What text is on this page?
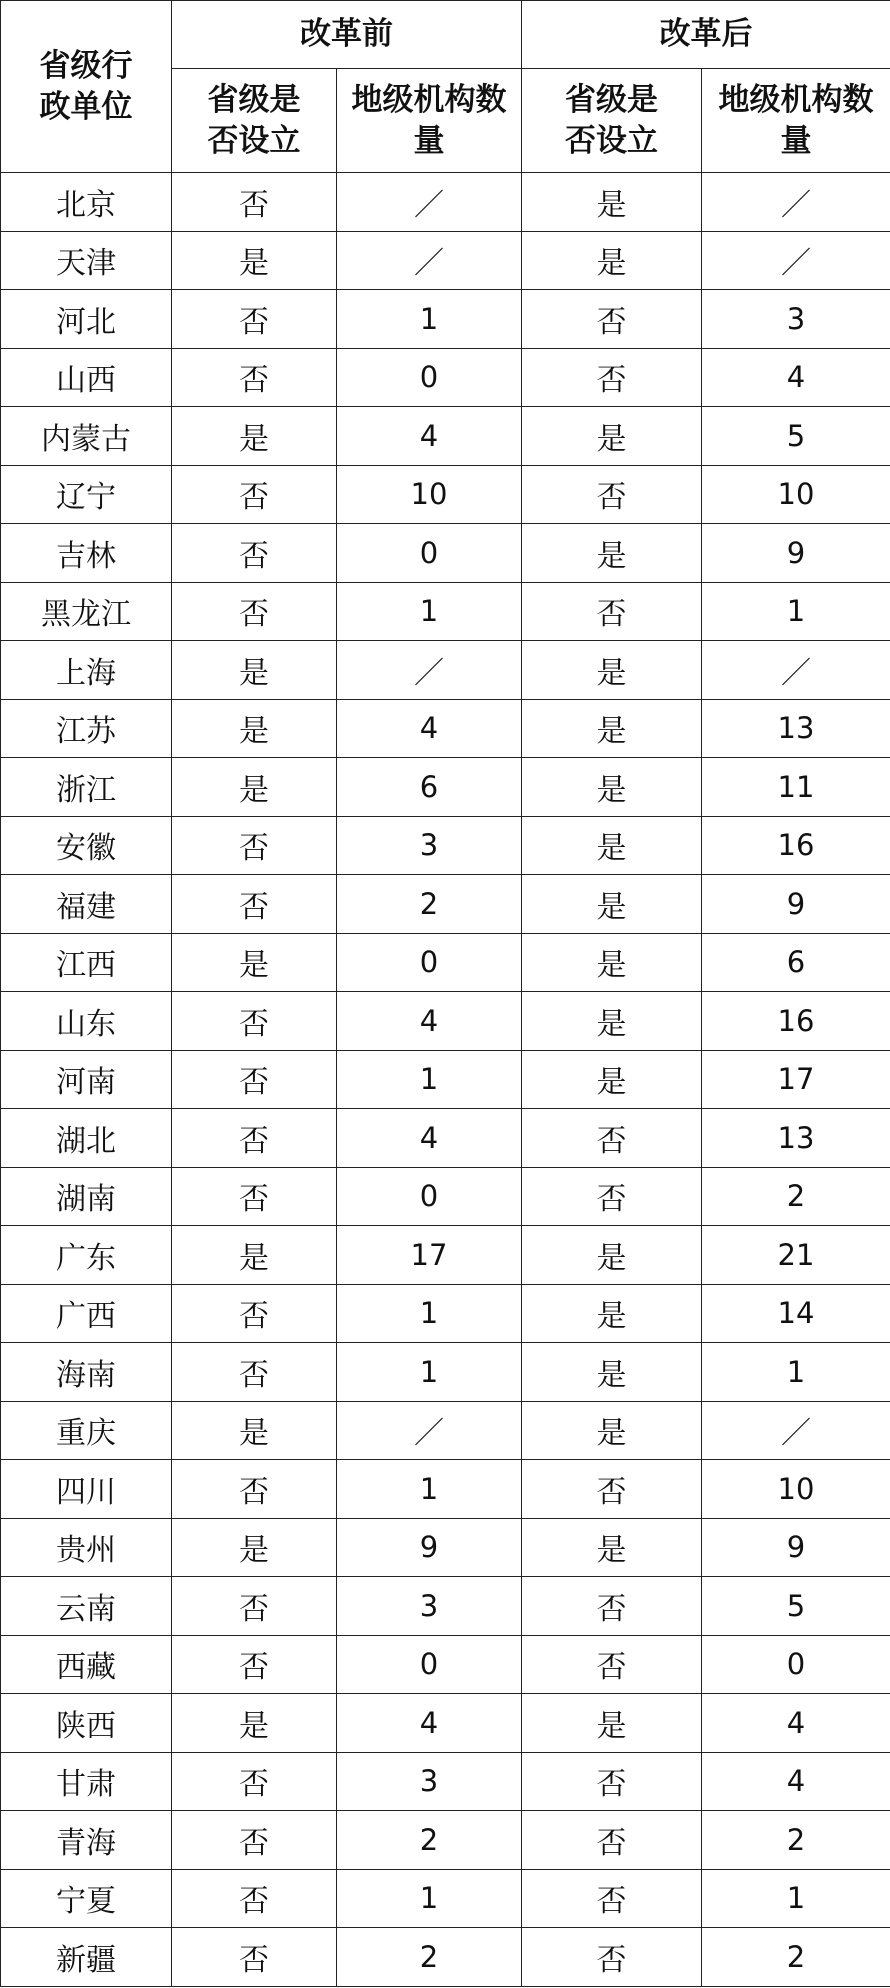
省级行政单位	改革前		改革后	
	省级是否设立	地级机构数量	省级是否设立	地级机构数量
北京	否	／	是	／
天津	是	／	是	／
河北	否	1	否	3
山西	否	0	否	4
内蒙古	是	4	是	5
辽宁	否	10	否	10
吉林	否	0	是	9
黑龙江	否	1	否	1
上海	是	／	是	／
江苏	是	4	是	13
浙江	是	6	是	11
安徽	否	3	是	16
福建	否	2	是	9
江西	是	0	是	6
山东	否	4	是	16
河南	否	1	是	17
湖北	否	4	否	13
湖南	否	0	否	2
广东	是	17	是	21
广西	否	1	是	14
海南	否	1	是	1
重庆	是	／	是	／
四川	否	1	否	10
贵州	是	9	是	9
云南	否	3	否	5
西藏	否	0	否	0
陕西	是	4	是	4
甘肃	否	3	否	4
青海	否	2	否	2
宁夏	否	1	否	1
新疆	否	2	否	2
